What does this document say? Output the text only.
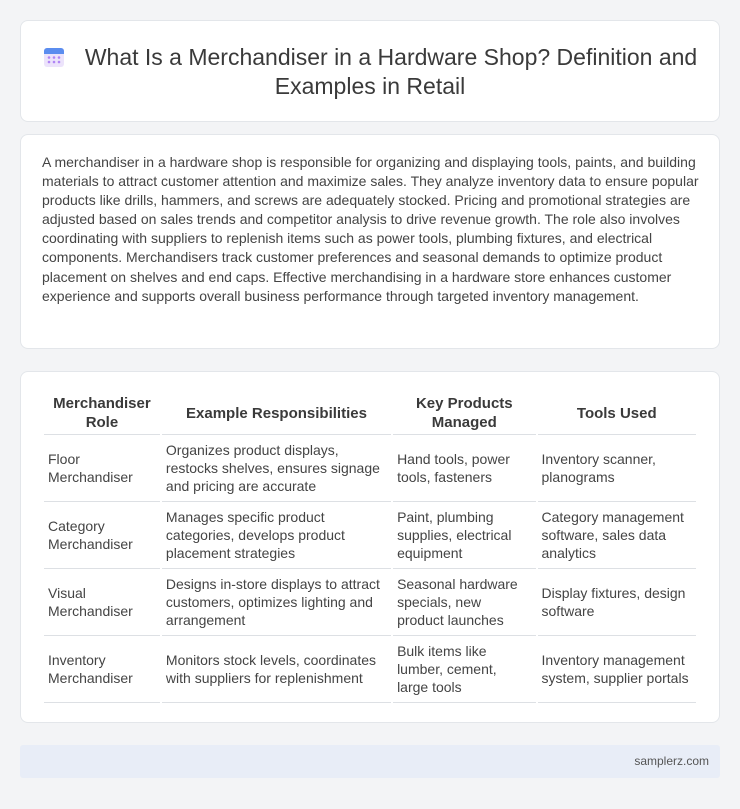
What Is a Merchandiser in a Hardware Shop? Definition and Examples in Retail

A merchandiser in a hardware shop is responsible for organizing and displaying tools, paints, and building materials to attract customer attention and maximize sales. They analyze inventory data to ensure popular products like drills, hammers, and screws are adequately stocked. Pricing and promotional strategies are adjusted based on sales trends and competitor analysis to drive revenue growth. The role also involves coordinating with suppliers to replenish items such as power tools, plumbing fixtures, and electrical components. Merchandisers track customer preferences and seasonal demands to optimize product placement on shelves and end caps. Effective merchandising in a hardware store enhances customer experience and supports overall business performance through targeted inventory management.

Merchandiser Role	Example Responsibilities	Key Products Managed	Tools Used
Floor Merchandiser	Organizes product displays, restocks shelves, ensures signage and pricing are accurate	Hand tools, power tools, fasteners	Inventory scanner, planograms
Category Merchandiser	Manages specific product categories, develops product placement strategies	Paint, plumbing supplies, electrical equipment	Category management software, sales data analytics
Visual Merchandiser	Designs in-store displays to attract customers, optimizes lighting and arrangement	Seasonal hardware specials, new product launches	Display fixtures, design software
Inventory Merchandiser	Monitors stock levels, coordinates with suppliers for replenishment	Bulk items like lumber, cement, large tools	Inventory management system, supplier portals
samplerz.com
